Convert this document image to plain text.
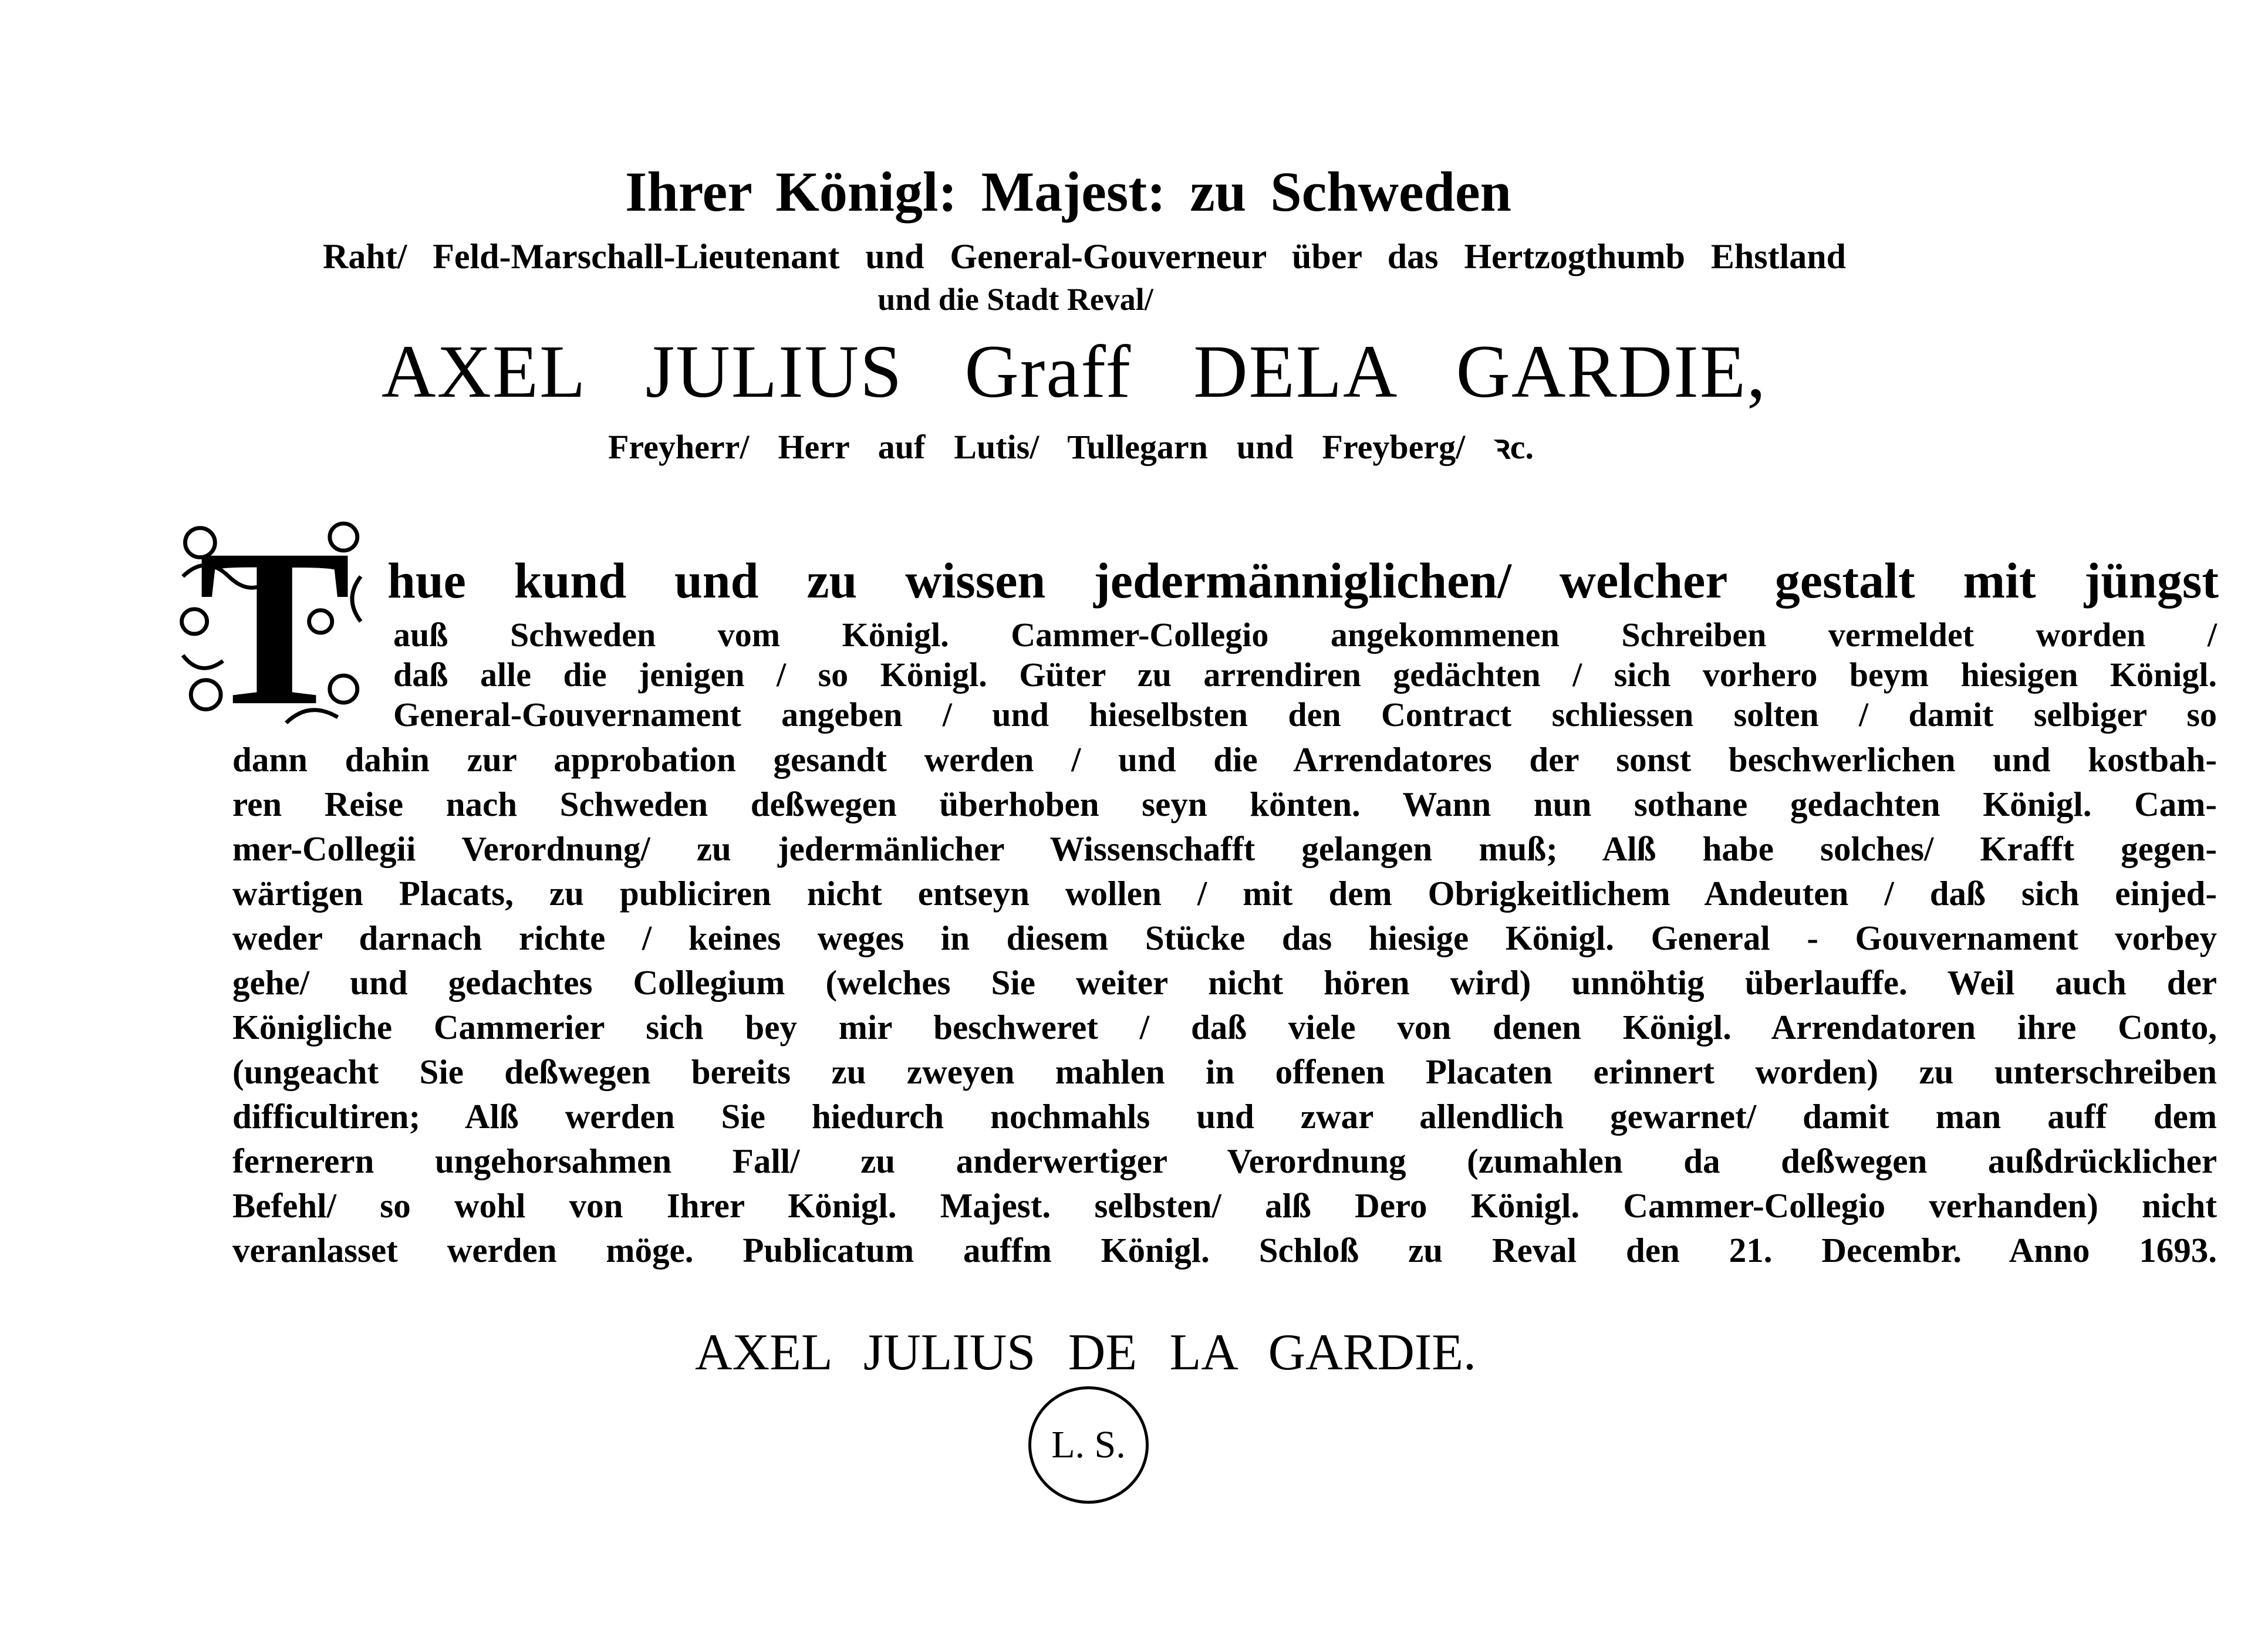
Ihrer Königl: Majest: zu Schweden
Raht/ Feld-Marschall-Lieutenant und General-Gouverneur über das Hertzogthumb Ehstland
und die Stadt Reval/
AXEL JULIUS Graff DELA GARDIE,
Freyherr/ Herr auf Lutis/ Tullegarn und Freyberg/ ꝛc.
T hue kund und zu wissen jedermänniglichen/ welcher gestalt mit jüngst
auß Schweden vom Königl. Cammer-Collegio angekommenen Schreiben vermeldet worden /
daß alle die jenigen / so Königl. Güter zu arrendiren gedächten / sich vorhero beym hiesigen Königl.
General-Gouvernament angeben / und hieselbsten den Contract schliessen solten / damit selbiger so
dann dahin zur approbation gesandt werden / und die Arrendatores der sonst beschwerlichen und kostbah-
ren Reise nach Schweden deßwegen überhoben seyn könten. Wann nun sothane gedachten Königl. Cam-
mer-Collegii Verordnung/ zu jedermänlicher Wissenschafft gelangen muß; Alß habe solches/ Krafft gegen-
wärtigen Placats, zu publiciren nicht entseyn wollen / mit dem Obrigkeitlichem Andeuten / daß sich einjed-
weder darnach richte / keines weges in diesem Stücke das hiesige Königl. General - Gouvernament vorbey
gehe/ und gedachtes Collegium (welches Sie weiter nicht hören wird) unnöhtig überlauffe. Weil auch der
Königliche Cammerier sich bey mir beschweret / daß viele von denen Königl. Arrendatoren ihre Conto,
(ungeacht Sie deßwegen bereits zu zweyen mahlen in offenen Placaten erinnert worden) zu unterschreiben
difficultiren; Alß werden Sie hiedurch nochmahls und zwar allendlich gewarnet/ damit man auff dem
fernerern ungehorsahmen Fall/ zu anderwertiger Verordnung (zumahlen da deßwegen außdrücklicher
Befehl/ so wohl von Ihrer Königl. Majest. selbsten/ alß Dero Königl. Cammer-Collegio verhanden) nicht
veranlasset werden möge. Publicatum auffm Königl. Schloß zu Reval den 21. Decembr. Anno 1693.
AXEL JULIUS DE LA GARDIE.
L. S.
